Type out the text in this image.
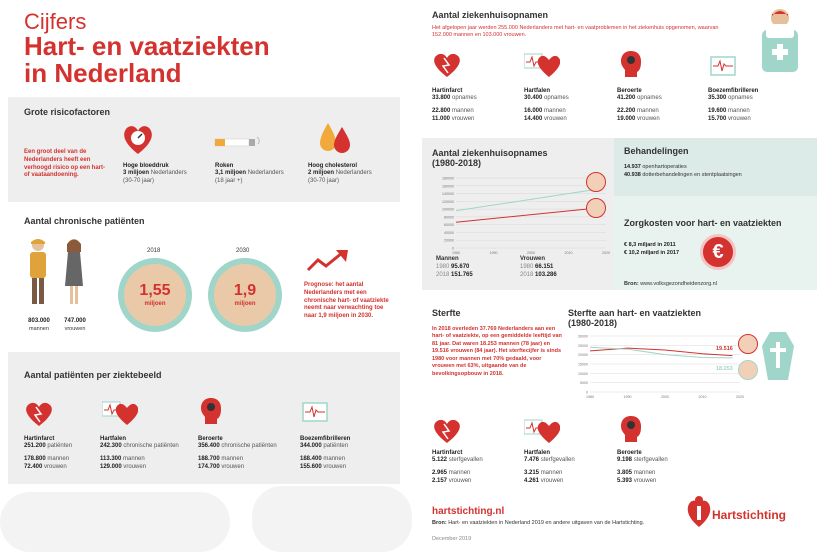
Cijfers
Hart- en vaatziekten
in Nederland
Grote risicofactoren
Een groot deel van de Nederlanders heeft een verhoogd risico op een hart- of vaataandoening.
Hoge bloeddruk
3 miljoen Nederlanders
(30-70 jaar)
Roken
3,1 miljoen Nederlanders
(18 jaar +)
Hoog cholesterol
2 miljoen Nederlanders
(30-70 jaar)
Aantal chronische patiënten
803.000
mannen
747.000
vrouwen
2018
1,55
miljoen
2030
1,9
miljoen
Prognose: het aantal Nederlanders met een chronische hart- of vaatziekte neemt naar verwachting toe naar 1,9 miljoen in 2030.
Aantal patiënten per ziektebeeld
Hartinfarct
251.200 patiënten
178.800 mannen
72.400 vrouwen
Hartfalen
242.300 chronische patiënten
113.300 mannen
129.000 vrouwen
Beroerte
356.400 chronische patiënten
188.700 mannen
174.700 vrouwen
Boezemfibrilleren
344.000 patiënten
188.400 mannen
155.600 vrouwen
Aantal ziekenhuisopnamen
Het afgelopen jaar werden 255.000 Nederlanders met hart- en vaatproblemen in het ziekenhuis opgenomen, waarvan 152.000 mannen en 103.000 vrouwen.
Hartinfarct
33.800 opnames
22.800 mannen
11.000 vrouwen
Hartfalen
30.400 opnames
16.000 mannen
14.400 vrouwen
Beroerte
41.200 opnames
22.200 mannen
19.000 vrouwen
Boezemfibrilleren
35.300 opnames
19.600 mannen
15.700 vrouwen
Aantal ziekenhuisopnames
(1980-2018)
0
20000
40000
60000
80000
100000
120000
140000
160000
180000
1980	1990	2000	2010	2020
Mannen
1980 95.670
2018 151.765
Vrouwen
1980 66.151
2018 103.286
Behandelingen
14.937 openhartoperaties
40.938 dotterbehandelingen en stentplaatsingen
Zorgkosten voor hart- en vaatziekten
€ 8,3 miljard in 2011
€ 10,2 miljard in 2017	€
Bron: www.volksgezondheidenzorg.nl
Sterfte
In 2018 overleden 37.769 Nederlanders aan een hart- of vaatziekte, op een gemiddelde leeftijd van 81 jaar. Dat waren 18.253 mannen (78 jaar) en 19.516 vrouwen (84 jaar). Het sterftecijfer is sinds 1980 voor mannen met 70% gedaald, voor vrouwen met 63%, uitgaande van de bevolkingsopbouw in 2018.
Sterfte aan hart- en vaatziekten
(1980-2018)
0
5000
10000
15000
20000
25000
30000
1980	1990	2000	2010	2020
19.516
18.253
Hartinfarct
5.122 sterfgevallen
2.965 mannen
2.157 vrouwen
Hartfalen
7.476 sterfgevallen
3.215 mannen
4.261 vrouwen
Beroerte
9.198 sterfgevallen
3.805 mannen
5.393 vrouwen
hartstichting.nl
Bron: Hart- en vaatziekten in Nederland 2019 en andere uitgaven van de Hartstichting.
December 2019
Hartstichting
